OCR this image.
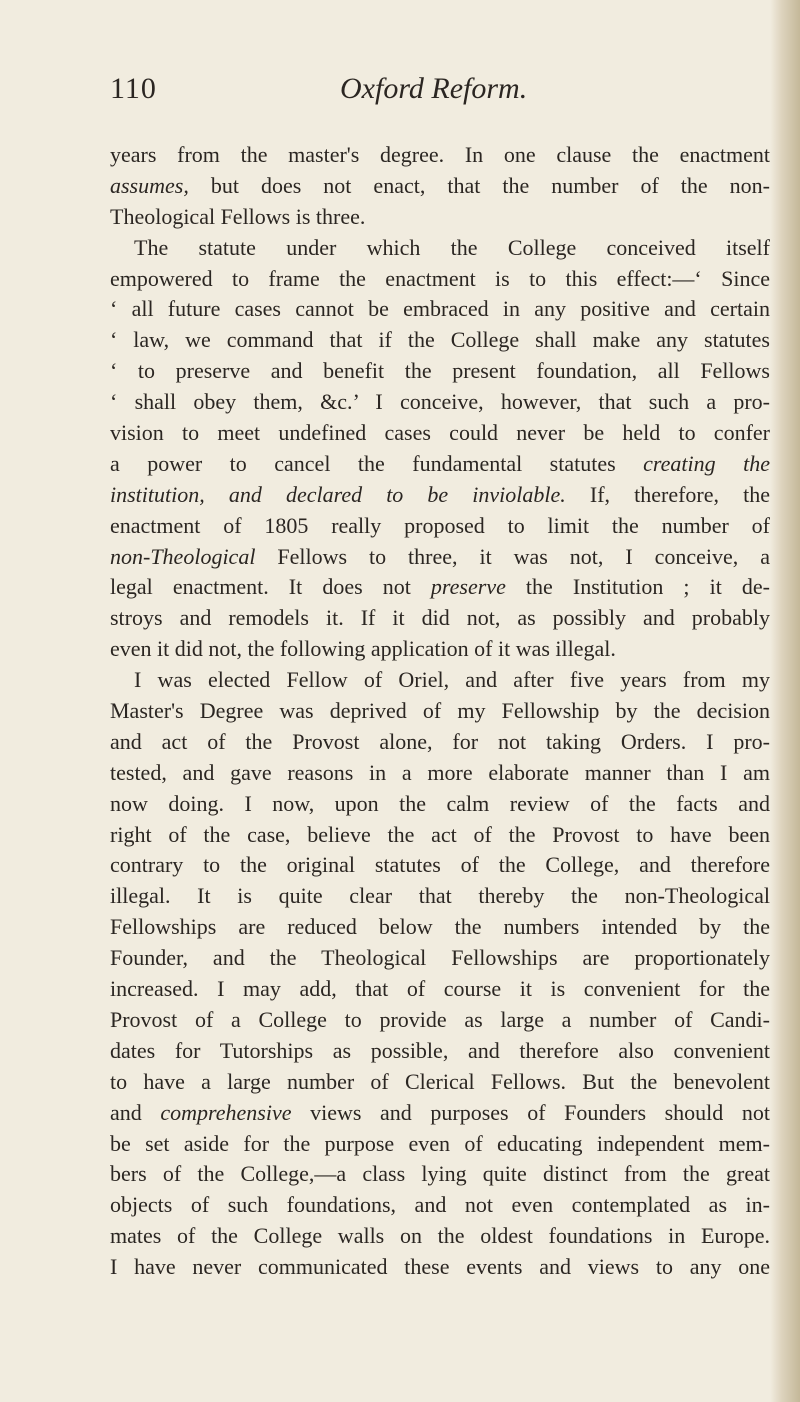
110	Oxford Reform.
years from the master's degree. In one clause the enactment
assumes, but does not enact, that the number of the non-
Theological Fellows is three.
The statute under which the College conceived itself
empowered to frame the enactment is to this effect:—‘ Since
‘ all future cases cannot be embraced in any positive and certain
‘ law, we command that if the College shall make any statutes
‘ to preserve and benefit the present foundation, all Fellows
‘ shall obey them, &c.’ I conceive, however, that such a pro-
vision to meet undefined cases could never be held to confer
a power to cancel the fundamental statutes creating the
institution, and declared to be inviolable. If, therefore, the
enactment of 1805 really proposed to limit the number of
non-Theological Fellows to three, it was not, I conceive, a
legal enactment. It does not preserve the Institution ; it de-
stroys and remodels it. If it did not, as possibly and probably
even it did not, the following application of it was illegal.
I was elected Fellow of Oriel, and after five years from my
Master's Degree was deprived of my Fellowship by the decision
and act of the Provost alone, for not taking Orders. I pro-
tested, and gave reasons in a more elaborate manner than I am
now doing. I now, upon the calm review of the facts and
right of the case, believe the act of the Provost to have been
contrary to the original statutes of the College, and therefore
illegal. It is quite clear that thereby the non-Theological
Fellowships are reduced below the numbers intended by the
Founder, and the Theological Fellowships are proportionately
increased. I may add, that of course it is convenient for the
Provost of a College to provide as large a number of Candi-
dates for Tutorships as possible, and therefore also convenient
to have a large number of Clerical Fellows. But the benevolent
and comprehensive views and purposes of Founders should not
be set aside for the purpose even of educating independent mem-
bers of the College,—a class lying quite distinct from the great
objects of such foundations, and not even contemplated as in-
mates of the College walls on the oldest foundations in Europe.
I have never communicated these events and views to any one
